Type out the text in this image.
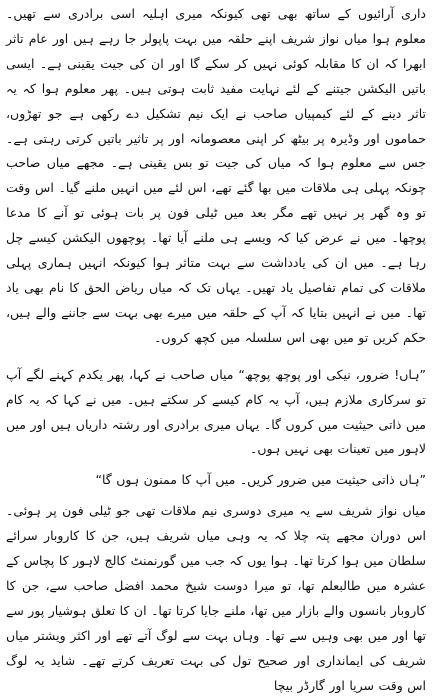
داری آرائیوں کے ساتھ بھی تھی کیونکہ میری اہلیہ اسی برادری سے تھیں۔ معلوم ہوا میاں نواز شریف اپنے حلقہ میں بہت پاپولر جا رہے ہیں اور عام تاثر ابھرا کہ ان کا مقابلہ کوئی نہیں کر سکے گا اور ان کی جیت یقینی ہے۔ ایسی باتیں الیکشن جیتنے کے لئے نہایت مفید ثابت ہوتی ہیں۔ پھر معلوم ہوا کہ یہ تاثر دینے کے لئے کیمپیاں صاحب نے ایک نیم تشکیل دے رکھی ہے جو تھڑوں، حماموں اور وڈیرہ پر بیٹھ کر اپنی معصومانہ اور پر تاثیر باتیں کرتی رہتی ہے۔ جس سے معلوم ہوا کہ میاں کی جیت تو بس یقینی ہے۔ مجھے میاں صاحب چونکہ پہلی ہی ملاقات میں بھا گئے تھے، اس لئے میں انہیں ملنے گیا۔ اس وقت تو وہ گھر پر نہیں تھے مگر بعد میں ٹیلی فون پر بات ہوئی تو آنے کا مدعا پوچھا۔ میں نے عرض کیا کہ ویسے ہی ملنے آیا تھا۔ پوچھوں الیکشن کیسے چل رہا ہے۔ میں ان کی یادداشت سے بہت متاثر ہوا کیونکہ انہیں ہماری پہلی ملاقات کی تمام تفاصیل یاد تھیں۔ یہاں تک کہ میاں ریاض الحق کا نام بھی یاد تھا۔ میں نے انہیں بتایا کہ آپ کے حلقہ میں میرے بھی بہت سے جاننے والے ہیں، حکم کریں تو میں بھی اس سلسلہ میں کچھ کروں۔

”ہاں! ضرور، نیکی اور پوچھ پوچھ“ میاں صاحب نے کہا، پھر یکدم کہنے لگے آپ تو سرکاری ملازم ہیں، آپ یہ کام کیسے کر سکتے ہیں۔ میں نے کہا کہ یہ کام میں ذاتی حیثیت میں کروں گا۔ یہاں میری برادری اور رشتہ داریاں ہیں اور میں لاہور میں تعینات بھی نہیں ہوں۔

”ہاں ذاتی حیثیت میں ضرور کریں۔ میں آپ کا ممنون ہوں گا“

میاں نواز شریف سے یہ میری دوسری نیم ملاقات تھی جو ٹیلی فون پر ہوئی۔ اس دوران مجھے پتہ چلا کہ یہ وہی میاں شریف ہیں، جن کا کاروبار سرائے سلطان میں ہوا کرتا تھا۔ ہوا یوں کہ جب میں گورنمنٹ کالج لاہور کا پچاس کے عشرہ میں طالبعلم تھا، تو میرا دوست شیخ محمد افضل صاحب سے، جن کا کاروبار بانسوں والے بازار میں تھا، ملنے جایا کرتا تھا۔ ان کا تعلق ہوشیار پور سے تھا اور میں بھی وہیں سے تھا۔ وہاں بہت سے لوگ آتے تھے اور اکثر ویشتر میاں شریف کی ایمانداری اور صحیح تول کی بہت تعریف کرتے تھے۔ شاید یہ لوگ اس وقت سریا اور گارڈر بیچا
